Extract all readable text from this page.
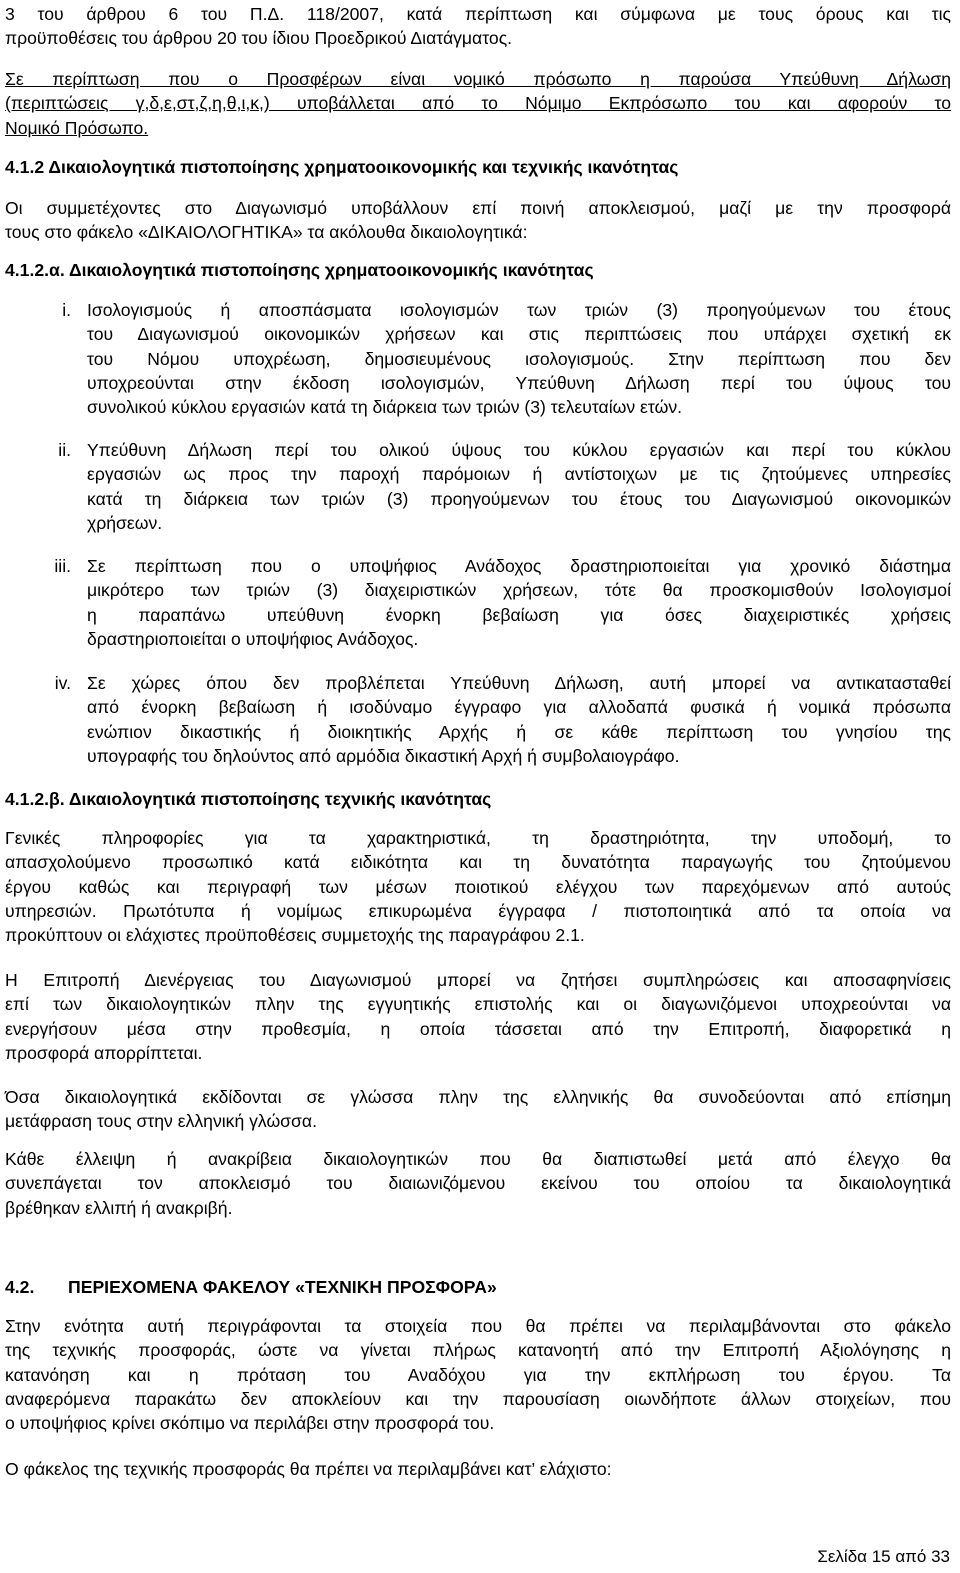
3 του άρθρου 6 του Π.Δ. 118/2007, κατά περίπτωση και σύμφωνα με τους όρους και τις
προϋποθέσεις του άρθρου 20 του ίδιου Προεδρικού Διατάγματος.
Σε περίπτωση που ο Προσφέρων είναι νομικό πρόσωπο η παρούσα Υπεύθυνη Δήλωση
(περιπτώσεις γ,δ,ε,στ,ζ,η,θ,ι,κ,) υποβάλλεται από το Νόμιμο Εκπρόσωπο του και αφορούν το
Νομικό Πρόσωπο.
4.1.2 Δικαιολογητικά πιστοποίησης χρηματοοικονομικής και τεχνικής ικανότητας
Οι συμμετέχοντες στο Διαγωνισμό υποβάλλουν επί ποινή αποκλεισμού, μαζί με την προσφορά
τους στο φάκελο «ΔΙΚΑΙΟΛΟΓΗΤΙΚΑ» τα ακόλουθα δικαιολογητικά:
4.1.2.α. Δικαιολογητικά πιστοποίησης χρηματοοικονομικής ικανότητας
i. Ισολογισμούς ή αποσπάσματα ισολογισμών των τριών (3) προηγούμενων του έτους
του Διαγωνισμού οικονομικών χρήσεων και στις περιπτώσεις που υπάρχει σχετική εκ
του Νόμου υποχρέωση, δημοσιευμένους ισολογισμούς. Στην περίπτωση που δεν
υποχρεούνται στην έκδοση ισολογισμών, Υπεύθυνη Δήλωση περί του ύψους του
συνολικού κύκλου εργασιών κατά τη διάρκεια των τριών (3) τελευταίων ετών.
ii. Υπεύθυνη Δήλωση περί του ολικού ύψους του κύκλου εργασιών και περί του κύκλου
εργασιών ως προς την παροχή παρόμοιων ή αντίστοιχων με τις ζητούμενες υπηρεσίες
κατά τη διάρκεια των τριών (3) προηγούμενων του έτους του Διαγωνισμού οικονομικών
χρήσεων.
iii. Σε περίπτωση που ο υποψήφιος Ανάδοχος δραστηριοποιείται για χρονικό διάστημα
μικρότερο των τριών (3) διαχειριστικών χρήσεων, τότε θα προσκομισθούν Ισολογισμοί
η παραπάνω υπεύθυνη ένορκη βεβαίωση για όσες διαχειριστικές χρήσεις
δραστηριοποιείται ο υποψήφιος Ανάδοχος.
iv. Σε χώρες όπου δεν προβλέπεται Υπεύθυνη Δήλωση, αυτή μπορεί να αντικατασταθεί
από ένορκη βεβαίωση ή ισοδύναμο έγγραφο για αλλοδαπά φυσικά ή νομικά πρόσωπα
ενώπιον δικαστικής ή διοικητικής Αρχής ή σε κάθε περίπτωση του γνησίου της
υπογραφής του δηλούντος από αρμόδια δικαστική Αρχή ή συμβολαιογράφο.
4.1.2.β. Δικαιολογητικά πιστοποίησης τεχνικής ικανότητας
Γενικές πληροφορίες για τα χαρακτηριστικά, τη δραστηριότητα, την υποδομή, το
απασχολούμενο προσωπικό κατά ειδικότητα και τη δυνατότητα παραγωγής του ζητούμενου
έργου καθώς και περιγραφή των μέσων ποιοτικού ελέγχου των παρεχόμενων από αυτούς
υπηρεσιών. Πρωτότυπα ή νομίμως επικυρωμένα έγγραφα / πιστοποιητικά από τα οποία να
προκύπτουν οι ελάχιστες προϋποθέσεις συμμετοχής της παραγράφου 2.1.
Η Επιτροπή Διενέργειας του Διαγωνισμού μπορεί να ζητήσει συμπληρώσεις και αποσαφηνίσεις
επί των δικαιολογητικών πλην της εγγυητικής επιστολής και οι διαγωνιζόμενοι υποχρεούνται να
ενεργήσουν μέσα στην προθεσμία, η οποία τάσσεται από την Επιτροπή, διαφορετικά η
προσφορά απορρίπτεται.
Όσα δικαιολογητικά εκδίδονται σε γλώσσα πλην της ελληνικής θα συνοδεύονται από επίσημη
μετάφραση τους στην ελληνική γλώσσα.
Κάθε έλλειψη ή ανακρίβεια δικαιολογητικών που θα διαπιστωθεί μετά από έλεγχο θα
συνεπάγεται τον αποκλεισμό του διαιωνιζόμενου εκείνου του οποίου τα δικαιολογητικά
βρέθηκαν ελλιπή ή ανακριβή.
4.2. ΠΕΡΙΕΧΟΜΕΝΑ ΦΑΚΕΛΟΥ «ΤΕΧΝΙΚΗ ΠΡΟΣΦΟΡΑ»
Στην ενότητα αυτή περιγράφονται τα στοιχεία που θα πρέπει να περιλαμβάνονται στο φάκελο
της τεχνικής προσφοράς, ώστε να γίνεται πλήρως κατανοητή από την Επιτροπή Αξιολόγησης η
κατανόηση και η πρόταση του Αναδόχου για την εκπλήρωση του έργου. Τα
αναφερόμενα παρακάτω δεν αποκλείουν και την παρουσίαση οιωνδήποτε άλλων στοιχείων, που
ο υποψήφιος κρίνει σκόπιμο να περιλάβει στην προσφορά του.
Ο φάκελος της τεχνικής προσφοράς θα πρέπει να περιλαμβάνει κατ’ ελάχιστο:
Σελίδα 15 από 33
